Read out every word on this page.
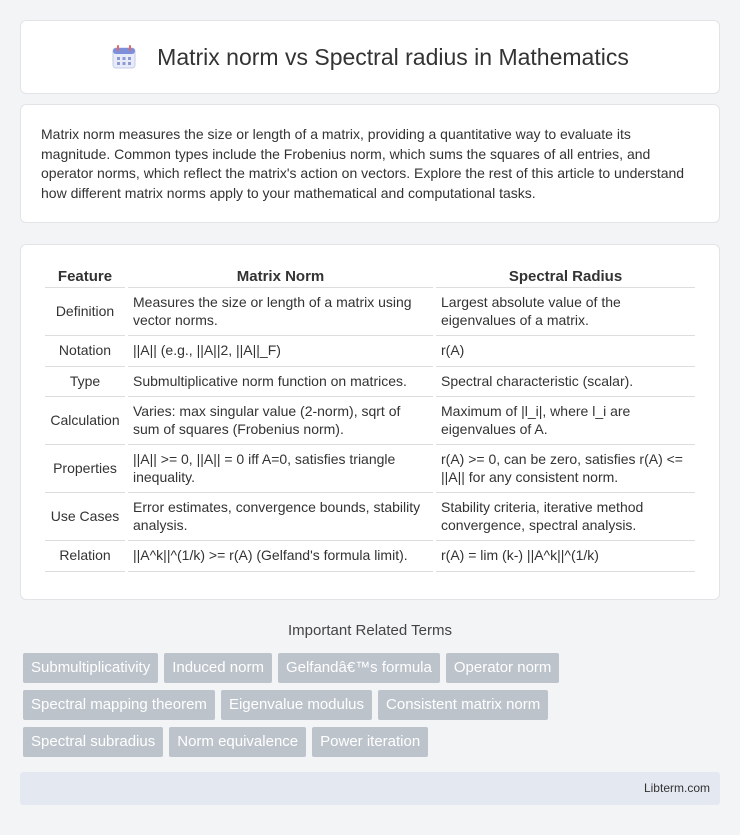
Matrix norm vs Spectral radius in Mathematics

Matrix norm measures the size or length of a matrix, providing a quantitative way to evaluate its magnitude. Common types include the Frobenius norm, which sums the squares of all entries, and operator norms, which reflect the matrix's action on vectors. Explore the rest of this article to understand how different matrix norms apply to your mathematical and computational tasks.

Feature	Matrix Norm	Spectral Radius
Definition	Measures the size or length of a matrix using vector norms.	Largest absolute value of the eigenvalues of a matrix.
Notation	||A|| (e.g., ||A||2, ||A||_F)	r(A)
Type	Submultiplicative norm function on matrices.	Spectral characteristic (scalar).
Calculation	Varies: max singular value (2-norm), sqrt of sum of squares (Frobenius norm).	Maximum of |l_i|, where l_i are eigenvalues of A.
Properties	||A|| >= 0, ||A|| = 0 iff A=0, satisfies triangle inequality.	r(A) >= 0, can be zero, satisfies r(A) <= ||A|| for any consistent norm.
Use Cases	Error estimates, convergence bounds, stability analysis.	Stability criteria, iterative method convergence, spectral analysis.
Relation	||A^k||^(1/k) >= r(A) (Gelfand's formula limit).	r(A) = lim (k-) ||A^k||^(1/k)
Important Related Terms
Submultiplicativity Induced norm Gelfandâ€™s formula Operator norm
Spectral mapping theorem Eigenvalue modulus Consistent matrix norm
Spectral subradius Norm equivalence Power iteration
Libterm.com
